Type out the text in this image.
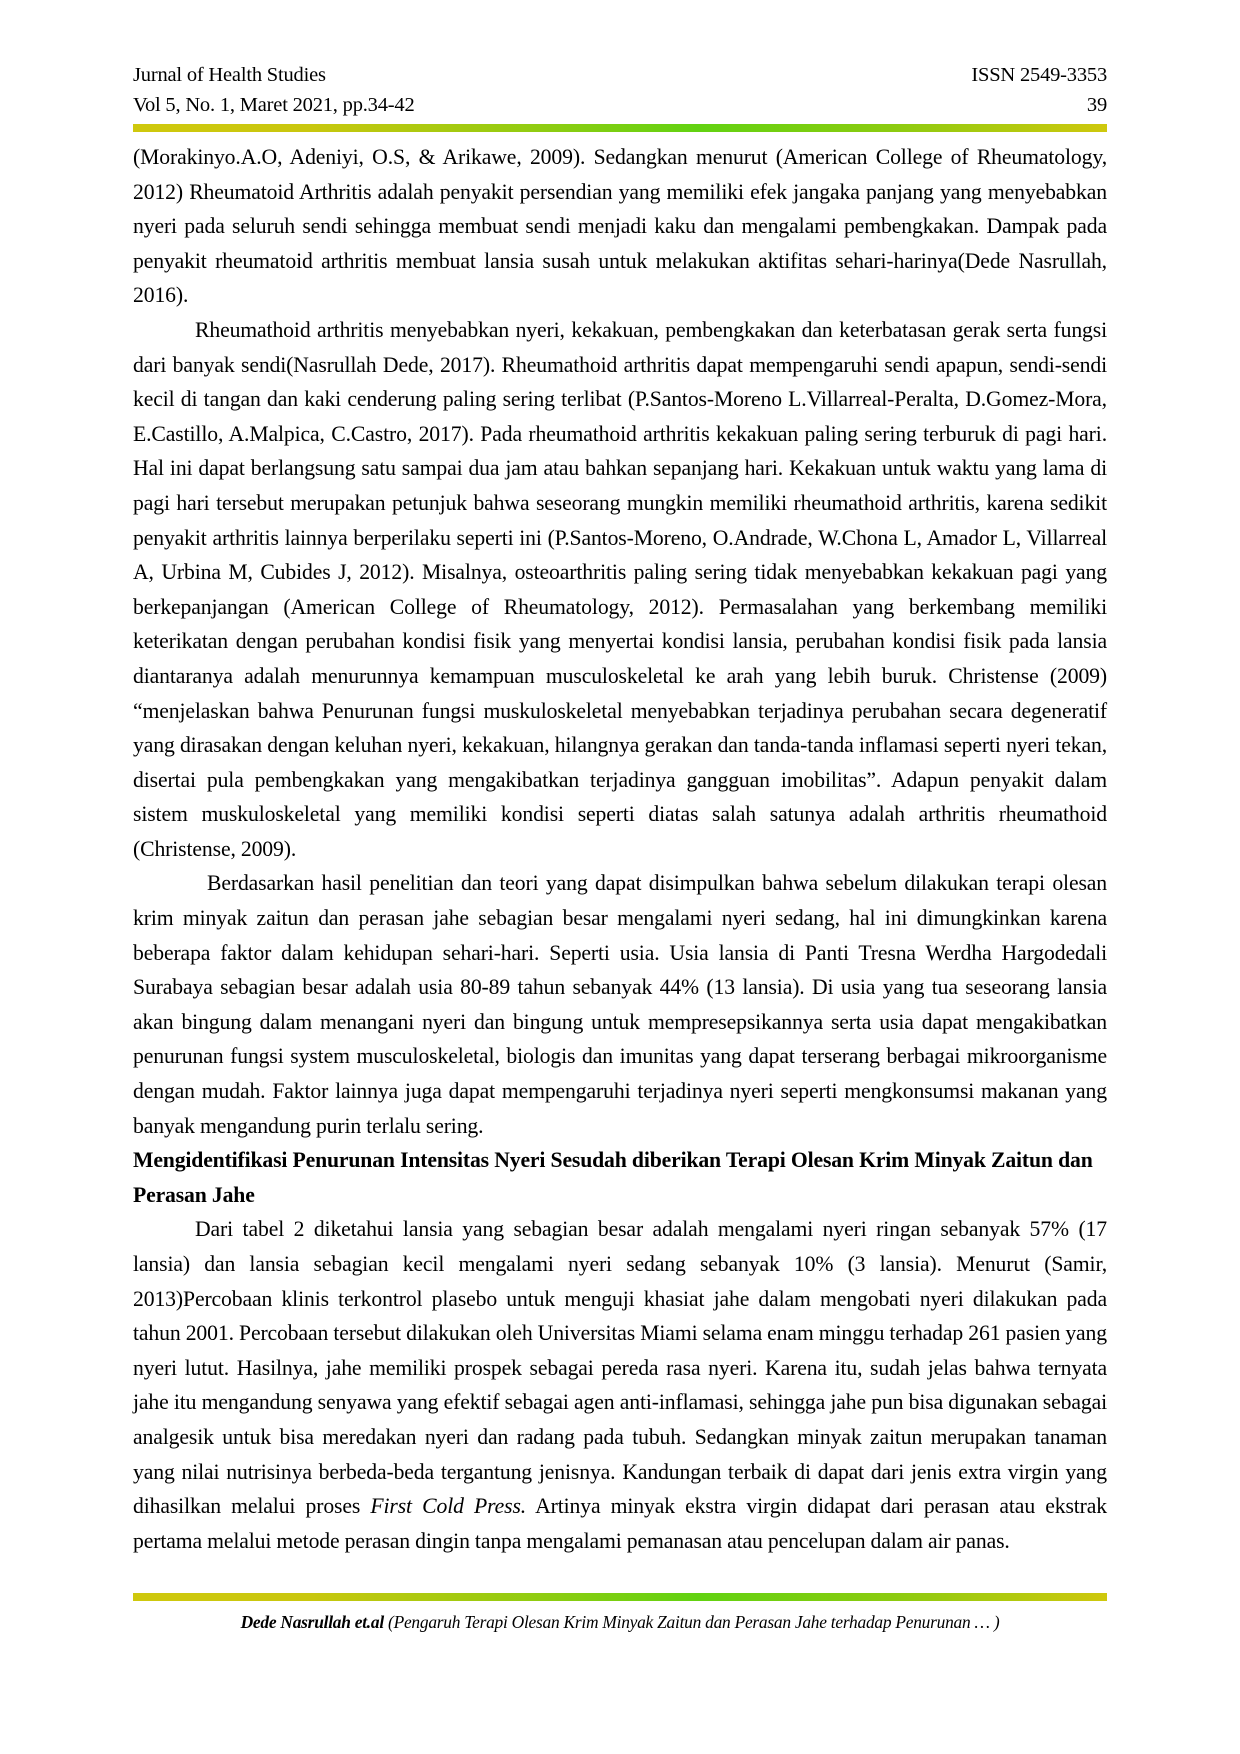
Jurnal of Health Studies	ISSN 2549-3353
Vol 5, No. 1, Maret 2021, pp.34-42	39

(Morakinyo.A.O, Adeniyi, O.S, & Arikawe, 2009). Sedangkan menurut (American College of Rheumatology, 2012) Rheumatoid Arthritis adalah penyakit persendian yang memiliki efek jangaka panjang yang menyebabkan nyeri pada seluruh sendi sehingga membuat sendi menjadi kaku dan mengalami pembengkakan. Dampak pada penyakit rheumatoid arthritis membuat lansia susah untuk melakukan aktifitas sehari-harinya(Dede Nasrullah, 2016).

Rheumathoid arthritis menyebabkan nyeri, kekakuan, pembengkakan dan keterbatasan gerak serta fungsi dari banyak sendi(Nasrullah Dede, 2017). Rheumathoid arthritis dapat mempengaruhi sendi apapun, sendi-sendi kecil di tangan dan kaki cenderung paling sering terlibat (P.Santos-Moreno L.Villarreal-Peralta, D.Gomez-Mora, E.Castillo, A.Malpica, C.Castro, 2017). Pada rheumathoid arthritis kekakuan paling sering terburuk di pagi hari. Hal ini dapat berlangsung satu sampai dua jam atau bahkan sepanjang hari. Kekakuan untuk waktu yang lama di pagi hari tersebut merupakan petunjuk bahwa seseorang mungkin memiliki rheumathoid arthritis, karena sedikit penyakit arthritis lainnya berperilaku seperti ini (P.Santos-Moreno, O.Andrade, W.Chona L, Amador L, Villarreal A, Urbina M, Cubides J, 2012). Misalnya, osteoarthritis paling sering tidak menyebabkan kekakuan pagi yang berkepanjangan (American College of Rheumatology, 2012). Permasalahan yang berkembang memiliki keterikatan dengan perubahan kondisi fisik yang menyertai kondisi lansia, perubahan kondisi fisik pada lansia diantaranya adalah menurunnya kemampuan musculoskeletal ke arah yang lebih buruk. Christense (2009) “menjelaskan bahwa Penurunan fungsi muskuloskeletal menyebabkan terjadinya perubahan secara degeneratif yang dirasakan dengan keluhan nyeri, kekakuan, hilangnya gerakan dan tanda-tanda inflamasi seperti nyeri tekan, disertai pula pembengkakan yang mengakibatkan terjadinya gangguan imobilitas”. Adapun penyakit dalam sistem muskuloskeletal yang memiliki kondisi seperti diatas salah satunya adalah arthritis rheumathoid (Christense, 2009).

Berdasarkan hasil penelitian dan teori yang dapat disimpulkan bahwa sebelum dilakukan terapi olesan krim minyak zaitun dan perasan jahe sebagian besar mengalami nyeri sedang, hal ini dimungkinkan karena beberapa faktor dalam kehidupan sehari-hari. Seperti usia. Usia lansia di Panti Tresna Werdha Hargodedali Surabaya sebagian besar adalah usia 80-89 tahun sebanyak 44% (13 lansia). Di usia yang tua seseorang lansia akan bingung dalam menangani nyeri dan bingung untuk mempresepsikannya serta usia dapat mengakibatkan penurunan fungsi system musculoskeletal, biologis dan imunitas yang dapat terserang berbagai mikroorganisme dengan mudah. Faktor lainnya juga dapat mempengaruhi terjadinya nyeri seperti mengkonsumsi makanan yang banyak mengandung purin terlalu sering.

Mengidentifikasi Penurunan Intensitas Nyeri Sesudah diberikan Terapi Olesan Krim Minyak Zaitun dan Perasan Jahe

Dari tabel 2 diketahui lansia yang sebagian besar adalah mengalami nyeri ringan sebanyak 57% (17 lansia) dan lansia sebagian kecil mengalami nyeri sedang sebanyak 10% (3 lansia). Menurut (Samir, 2013)Percobaan klinis terkontrol plasebo untuk menguji khasiat jahe dalam mengobati nyeri dilakukan pada tahun 2001. Percobaan tersebut dilakukan oleh Universitas Miami selama enam minggu terhadap 261 pasien yang nyeri lutut. Hasilnya, jahe memiliki prospek sebagai pereda rasa nyeri. Karena itu, sudah jelas bahwa ternyata jahe itu mengandung senyawa yang efektif sebagai agen anti-inflamasi, sehingga jahe pun bisa digunakan sebagai analgesik untuk bisa meredakan nyeri dan radang pada tubuh. Sedangkan minyak zaitun merupakan tanaman yang nilai nutrisinya berbeda-beda tergantung jenisnya. Kandungan terbaik di dapat dari jenis extra virgin yang dihasilkan melalui proses First Cold Press. Artinya minyak ekstra virgin didapat dari perasan atau ekstrak pertama melalui metode perasan dingin tanpa mengalami pemanasan atau pencelupan dalam air panas.

Dede Nasrullah et.al (Pengaruh Terapi Olesan Krim Minyak Zaitun dan Perasan Jahe terhadap Penurunan … )
